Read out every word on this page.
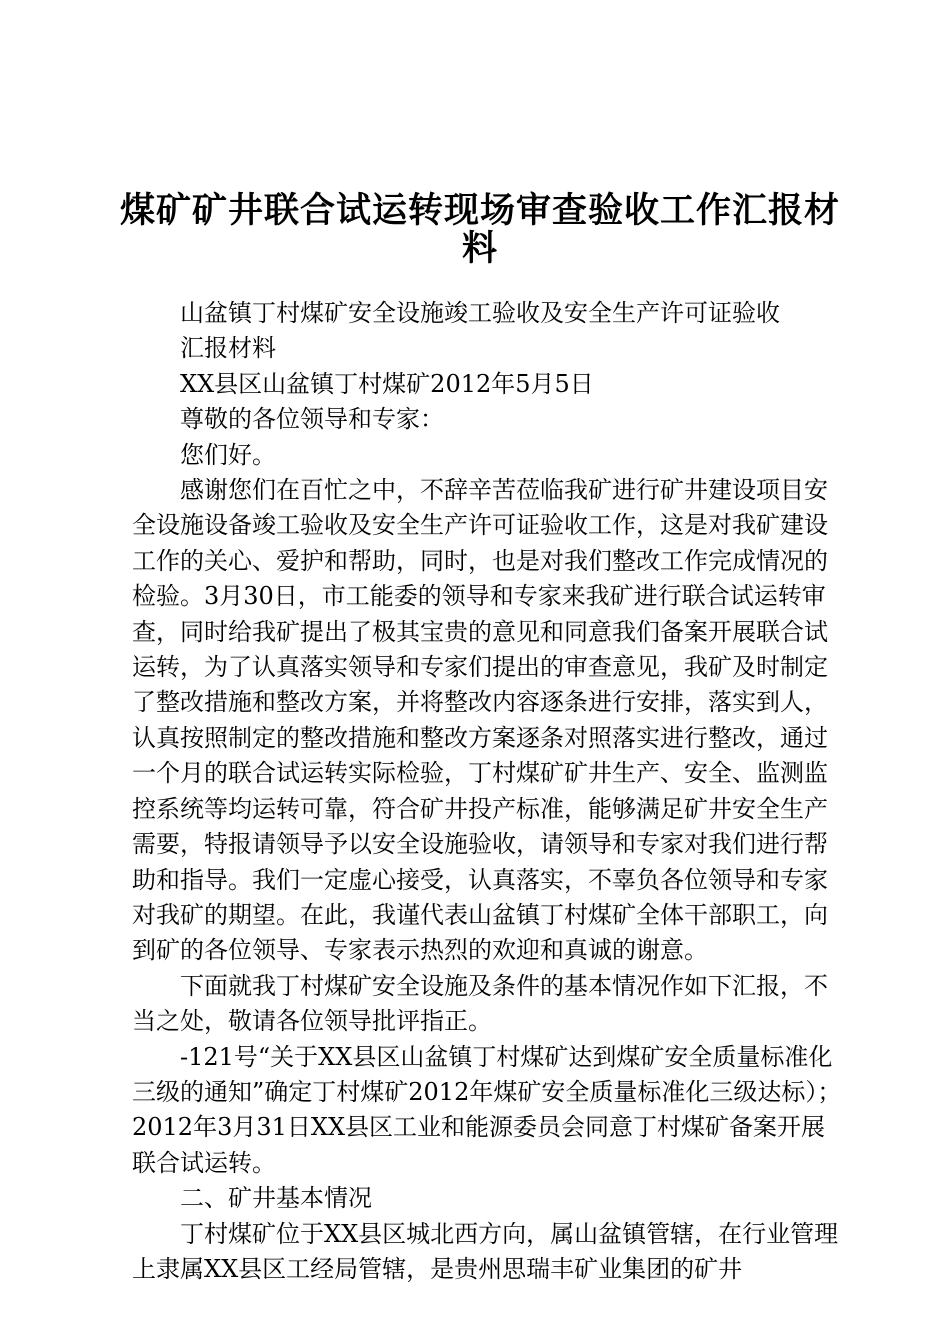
煤矿矿井联合试运转现场审查验收工作汇报材
料

山盆镇丁村煤矿安全设施竣工验收及安全生产许可证验收

汇报材料

XX县区山盆镇丁村煤矿2012年5月5日

尊敬的各位领导和专家：

您们好。

感谢您们在百忙之中，不辞辛苦莅临我矿进行矿井建设项目安全设施设备竣工验收及安全生产许可证验收工作，这是对我矿建设工作的关心、爱护和帮助，同时，也是对我们整改工作完成情况的检验。3月30日，市工能委的领导和专家来我矿进行联合试运转审查，同时给我矿提出了极其宝贵的意见和同意我们备案开展联合试运转，为了认真落实领导和专家们提出的审查意见，我矿及时制定了整改措施和整改方案，并将整改内容逐条进行安排，落实到人，认真按照制定的整改措施和整改方案逐条对照落实进行整改，通过一个月的联合试运转实际检验，丁村煤矿矿井生产、安全、监测监控系统等均运转可靠，符合矿井投产标准，能够满足矿井安全生产需要，特报请领导予以安全设施验收，请领导和专家对我们进行帮助和指导。我们一定虚心接受，认真落实，不辜负各位领导和专家对我矿的期望。在此，我谨代表山盆镇丁村煤矿全体干部职工，向到矿的各位领导、专家表示热烈的欢迎和真诚的谢意。

下面就我丁村煤矿安全设施及条件的基本情况作如下汇报，不当之处，敬请各位领导批评指正。

-121号“关于XX县区山盆镇丁村煤矿达到煤矿安全质量标准化三级的通知”确定丁村煤矿2012年煤矿安全质量标准化三级达标）；2012年3月31日XX县区工业和能源委员会同意丁村煤矿备案开展联合试运转。

二、矿井基本情况

丁村煤矿位于XX县区城北西方向，属山盆镇管辖，在行业管理上隶属XX县区工经局管辖，是贵州思瑞丰矿业集团的矿井
